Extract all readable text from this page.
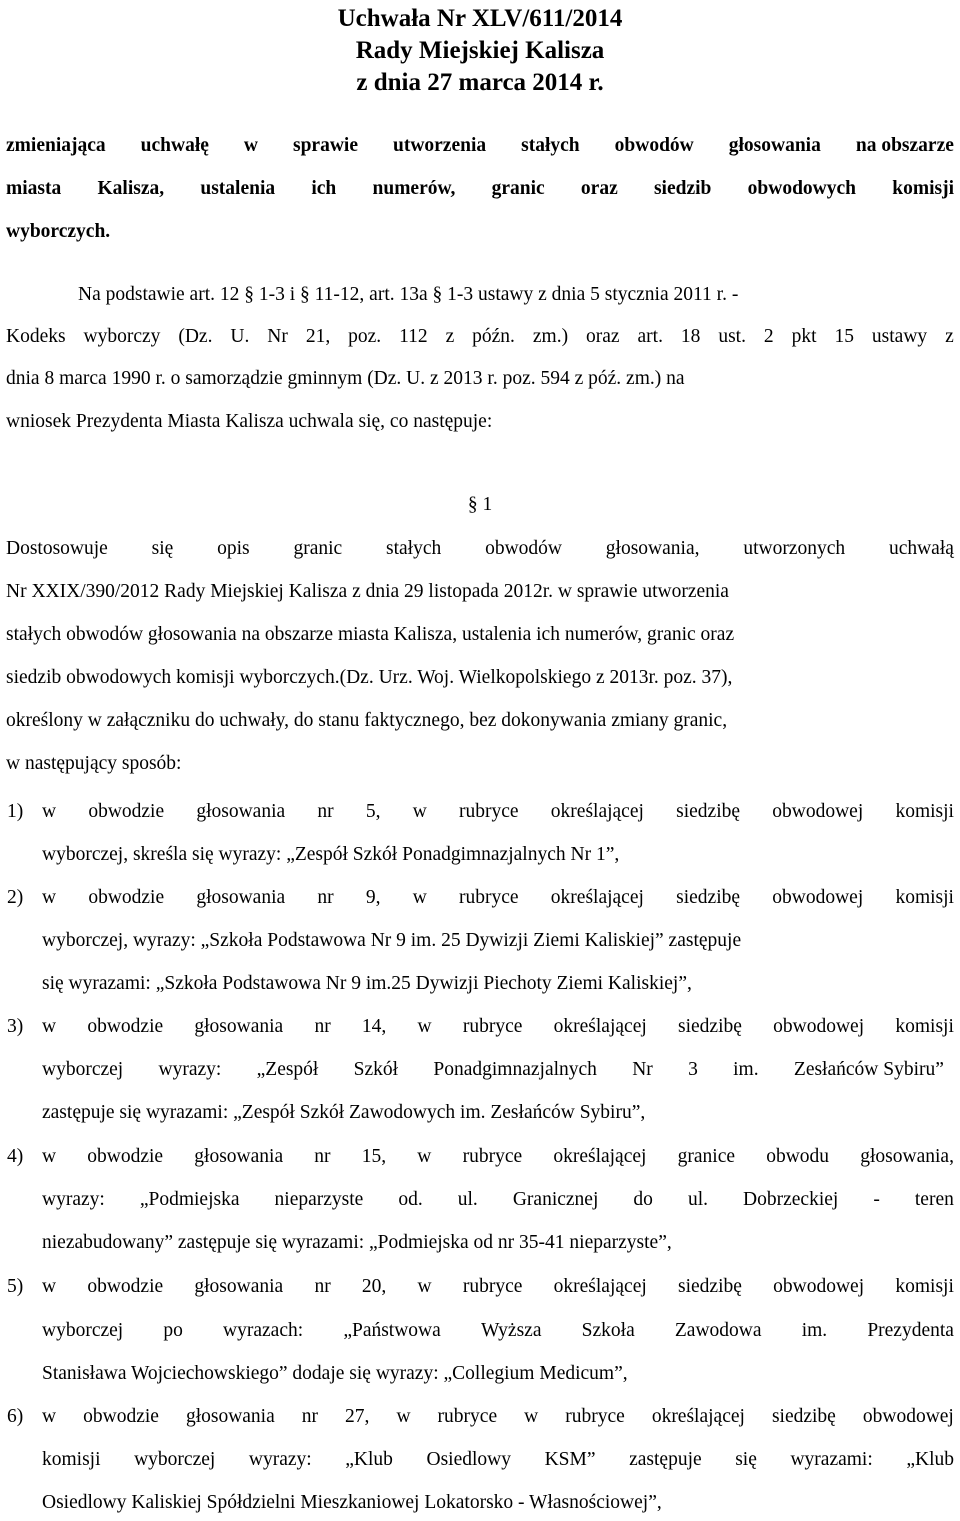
Uchwała Nr XLV/611/2014
Rady Miejskiej Kalisza
z dnia 27 marca 2014 r.
zmieniająca uchwałę w sprawie utworzenia stałych obwodów głosowania na obszarze
miasta Kalisza, ustalenia ich numerów, granic oraz siedzib obwodowych komisji
wyborczych.
Na podstawie art. 12 § 1-3 i § 11-12, art. 13a § 1-3 ustawy z dnia 5 stycznia 2011 r. -
Kodeks wyborczy (Dz. U. Nr 21, poz. 112 z późn. zm.) oraz art. 18 ust. 2 pkt 15 ustawy z
dnia 8 marca 1990 r. o samorządzie gminnym (Dz. U. z 2013 r. poz. 594 z póź. zm.) na
wniosek Prezydenta Miasta Kalisza uchwala się, co następuje:
§ 1
Dostosowuje się opis granic stałych obwodów głosowania, utworzonych uchwałą
Nr XXIX/390/2012 Rady Miejskiej Kalisza z dnia 29 listopada 2012r. w sprawie utworzenia
stałych obwodów głosowania na obszarze miasta Kalisza, ustalenia ich numerów, granic oraz
siedzib obwodowych komisji wyborczych.(Dz. Urz. Woj. Wielkopolskiego z 2013r. poz. 37),
określony w załączniku do uchwały, do stanu faktycznego, bez dokonywania zmiany granic,
w następujący sposób:
1) w obwodzie głosowania nr 5, w rubryce określającej siedzibę obwodowej komisji
wyborczej, skreśla się wyrazy: „Zespół Szkół Ponadgimnazjalnych Nr 1”,
2) w obwodzie głosowania nr 9, w rubryce określającej siedzibę obwodowej komisji
wyborczej, wyrazy: „Szkoła Podstawowa Nr 9 im. 25 Dywizji Ziemi Kaliskiej” zastępuje
się wyrazami: „Szkoła Podstawowa Nr 9 im.25 Dywizji Piechoty Ziemi Kaliskiej”,
3) w obwodzie głosowania nr 14, w rubryce określającej siedzibę obwodowej komisji
wyborczej wyrazy: „Zespół Szkół Ponadgimnazjalnych Nr 3 im. Zesłańców Sybiru”
zastępuje się wyrazami: „Zespół Szkół Zawodowych im. Zesłańców Sybiru”,
4) w obwodzie głosowania nr 15, w rubryce określającej granice obwodu głosowania,
wyrazy: „Podmiejska nieparzyste od. ul. Granicznej do ul. Dobrzeckiej - teren
niezabudowany” zastępuje się wyrazami: „Podmiejska od nr 35-41 nieparzyste”,
5) w obwodzie głosowania nr 20, w rubryce określającej siedzibę obwodowej komisji
wyborczej po wyrazach: „Państwowa Wyższa Szkoła Zawodowa im. Prezydenta
Stanisława Wojciechowskiego” dodaje się wyrazy: „Collegium Medicum”,
6) w obwodzie głosowania nr 27, w rubryce w rubryce określającej siedzibę obwodowej
komisji wyborczej wyrazy: „Klub Osiedlowy KSM” zastępuje się wyrazami: „Klub
Osiedlowy Kaliskiej Spółdzielni Mieszkaniowej Lokatorsko - Własnościowej”,
